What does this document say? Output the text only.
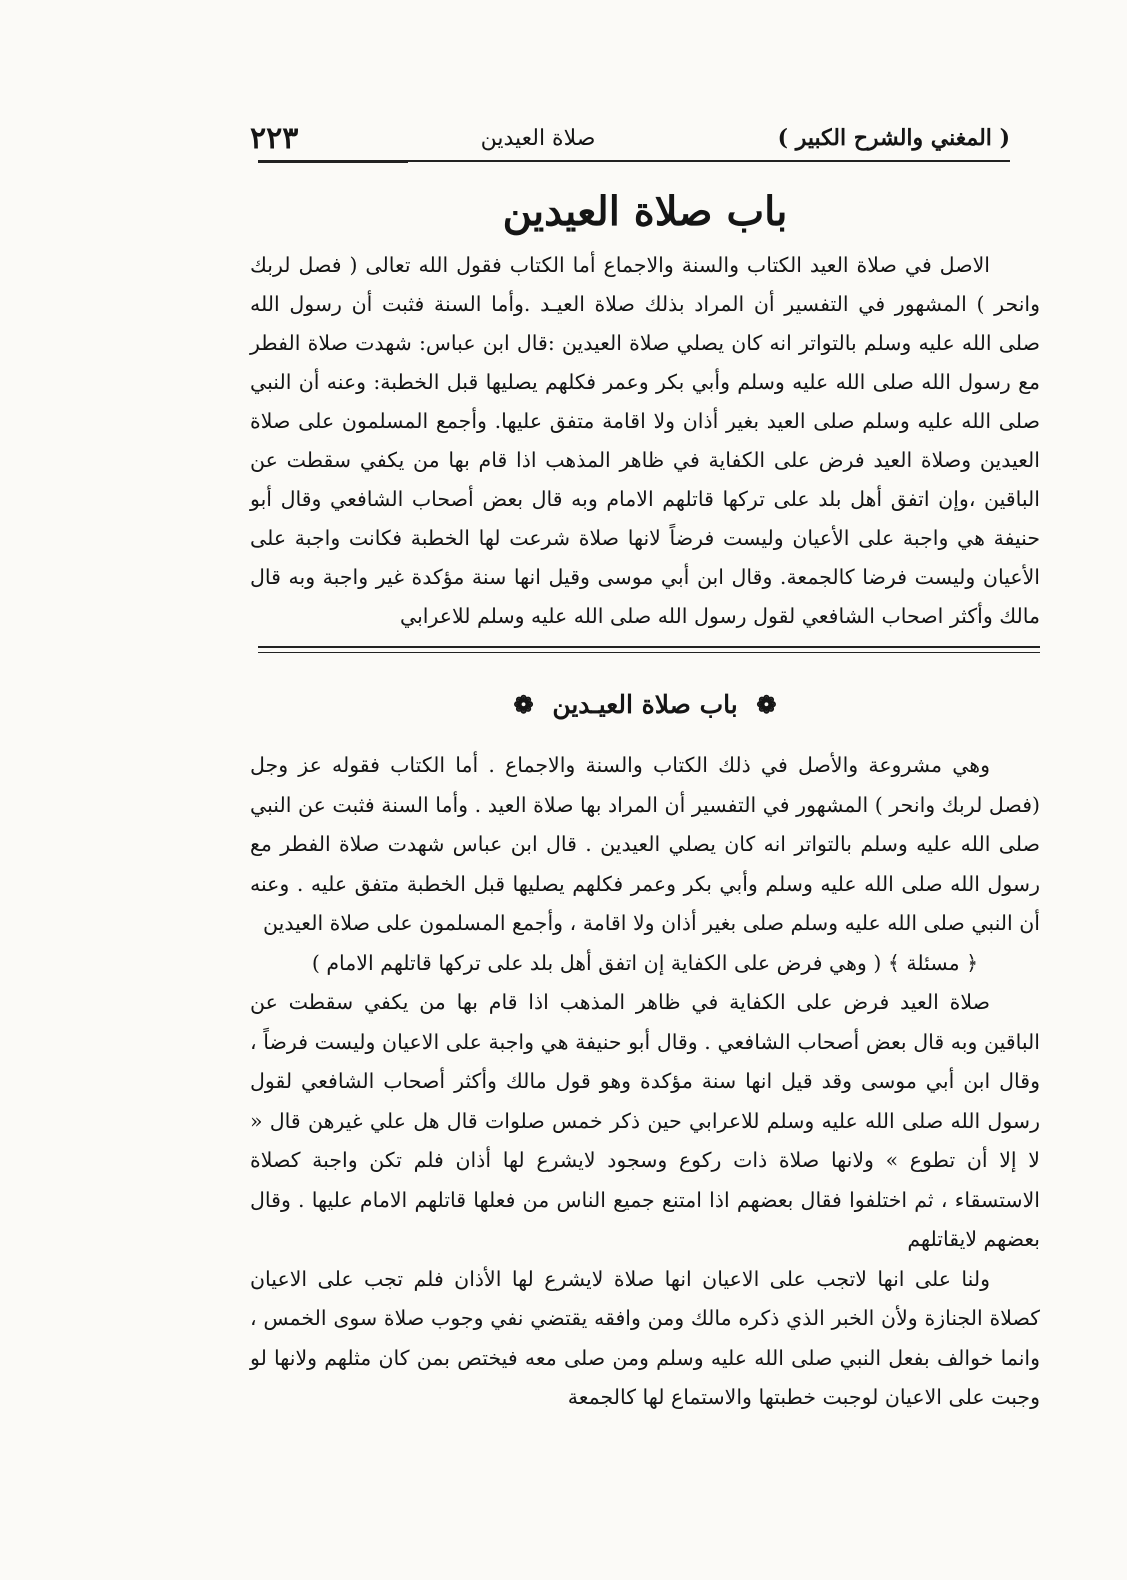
( المغني والشرح الكبير )
صلاة العيدين
٢٢٣
باب صلاة العيدين

الاصل في صلاة العيد الكتاب والسنة والاجماع أما الكتاب فقول الله تعالى ( فصل لربك وانحر ) المشهور في التفسير أن المراد بذلك صلاة العيـد .وأما السنة فثبت أن رسول الله صلى الله عليه وسلم بالتواتر انه كان يصلي صلاة العيدين :قال ابن عباس: شهدت صلاة الفطر مع رسول الله صلى الله عليه وسلم وأبي بكر وعمر فكلهم يصليها قبل الخطبة: وعنه أن النبي صلى الله عليه وسلم صلى العيد بغير أذان ولا اقامة متفق عليها. وأجمع المسلمون على صلاة العيدين وصلاة العيد فرض على الكفاية في ظاهر المذهب اذا قام بها من يكفي سقطت عن الباقين ،وإن اتفق أهل بلد على تركها قاتلهم الامام وبه قال بعض أصحاب الشافعي وقال أبو حنيفة هي واجبة على الأعيان وليست فرضاً لانها صلاة شرعت لها الخطبة فكانت واجبة على الأعيان وليست فرضا كالجمعة. وقال ابن أبي موسى وقيل انها سنة مؤكدة غير واجبة وبه قال مالك وأكثر اصحاب الشافعي لقول رسول الله صلى الله عليه وسلم للاعرابي

❁ باب صلاة العيـدين ❁

وهي مشروعة والأصل في ذلك الكتاب والسنة والاجماع . أما الكتاب فقوله عز وجل (فصل لربك وانحر ) المشهور في التفسير أن المراد بها صلاة العيد . وأما السنة فثبت عن النبي صلى الله عليه وسلم بالتواتر انه كان يصلي العيدين . قال ابن عباس شهدت صلاة الفطر مع رسول الله صلى الله عليه وسلم وأبي بكر وعمر فكلهم يصليها قبل الخطبة متفق عليه . وعنه أن النبي صلى الله عليه وسلم صلى بغير أذان ولا اقامة ، وأجمع المسلمون على صلاة العيدين

﴿ مسئلة ﴾ ( وهي فرض على الكفاية إن اتفق أهل بلد على تركها قاتلهم الامام )

صلاة العيد فرض على الكفاية في ظاهر المذهب اذا قام بها من يكفي سقطت عن الباقين وبه قال بعض أصحاب الشافعي . وقال أبو حنيفة هي واجبة على الاعيان وليست فرضاً ، وقال ابن أبي موسى وقد قيل انها سنة مؤكدة وهو قول مالك وأكثر أصحاب الشافعي لقول رسول الله صلى الله عليه وسلم للاعرابي حين ذكر خمس صلوات قال هل علي غيرهن قال « لا إلا أن تطوع » ولانها صلاة ذات ركوع وسجود لايشرع لها أذان فلم تكن واجبة كصلاة الاستسقاء ، ثم اختلفوا فقال بعضهم اذا امتنع جميع الناس من فعلها قاتلهم الامام عليها . وقال بعضهم لايقاتلهم

ولنا على انها لاتجب على الاعيان انها صلاة لايشرع لها الأذان فلم تجب على الاعيان كصلاة الجنازة ولأن الخبر الذي ذكره مالك ومن وافقه يقتضي نفي وجوب صلاة سوى الخمس ، وانما خوالف بفعل النبي صلى الله عليه وسلم ومن صلى معه فيختص بمن كان مثلهم ولانها لو وجبت على الاعيان لوجبت خطبتها والاستماع لها كالجمعة
